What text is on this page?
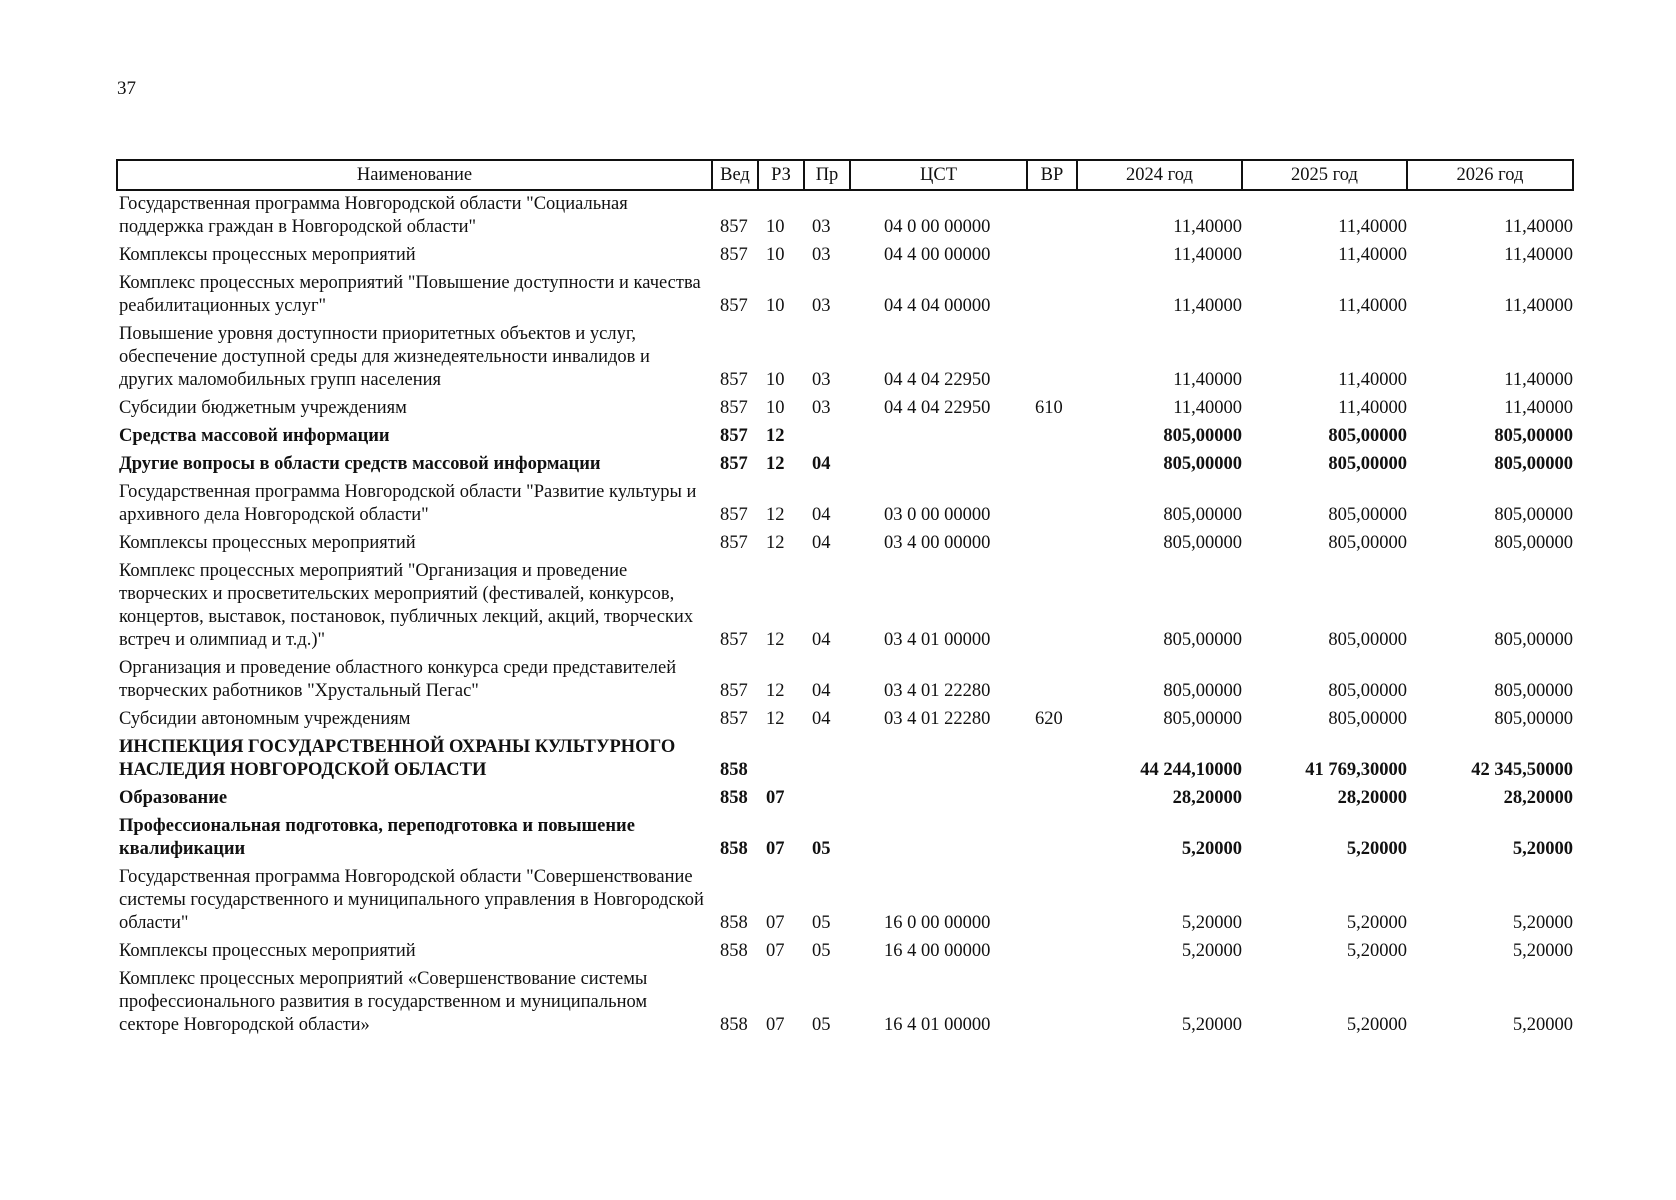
37
Наименование	Вед	РЗ	Пр	ЦСТ	ВР	2024 год	2025 год	2026 год
Государственная программа Новгородской области "Социальная поддержка граждан в Новгородской области"	857	10	03	04 0 00 00000		11,40000	11,40000	11,40000
Комплексы процессных мероприятий	857	10	03	04 4 00 00000		11,40000	11,40000	11,40000
Комплекс процессных мероприятий "Повышение доступности и качества реабилитационных услуг"	857	10	03	04 4 04 00000		11,40000	11,40000	11,40000
Повышение уровня доступности приоритетных объектов и услуг, обеспечение доступной среды для жизнедеятельности инвалидов и других маломобильных групп населения	857	10	03	04 4 04 22950		11,40000	11,40000	11,40000
Субсидии бюджетным учреждениям	857	10	03	04 4 04 22950	610	11,40000	11,40000	11,40000
Средства массовой информации	857	12				805,00000	805,00000	805,00000
Другие вопросы в области средств массовой информации	857	12	04			805,00000	805,00000	805,00000
Государственная программа Новгородской области "Развитие культуры и архивного дела Новгородской области"	857	12	04	03 0 00 00000		805,00000	805,00000	805,00000
Комплексы процессных мероприятий	857	12	04	03 4 00 00000		805,00000	805,00000	805,00000
Комплекс процессных мероприятий "Организация и проведение творческих и просветительских мероприятий (фестивалей, конкурсов, концертов, выставок, постановок, публичных лекций, акций, творческих встреч и олимпиад и т.д.)"	857	12	04	03 4 01 00000		805,00000	805,00000	805,00000
Организация и проведение областного конкурса среди представителей творческих работников "Хрустальный Пегас"	857	12	04	03 4 01 22280		805,00000	805,00000	805,00000
Субсидии автономным учреждениям	857	12	04	03 4 01 22280	620	805,00000	805,00000	805,00000
ИНСПЕКЦИЯ ГОСУДАРСТВЕННОЙ ОХРАНЫ КУЛЬТУРНОГО НАСЛЕДИЯ НОВГОРОДСКОЙ ОБЛАСТИ	858					44 244,10000	41 769,30000	42 345,50000
Образование	858	07				28,20000	28,20000	28,20000
Профессиональная подготовка, переподготовка и повышение квалификации	858	07	05			5,20000	5,20000	5,20000
Государственная программа Новгородской области "Совершенствование системы государственного и муниципального управления в Новгородской области"	858	07	05	16 0 00 00000		5,20000	5,20000	5,20000
Комплексы процессных мероприятий	858	07	05	16 4 00 00000		5,20000	5,20000	5,20000
Комплекс процессных мероприятий «Совершенствование системы профессионального развития в государственном и муниципальном секторе Новгородской области»	858	07	05	16 4 01 00000		5,20000	5,20000	5,20000
